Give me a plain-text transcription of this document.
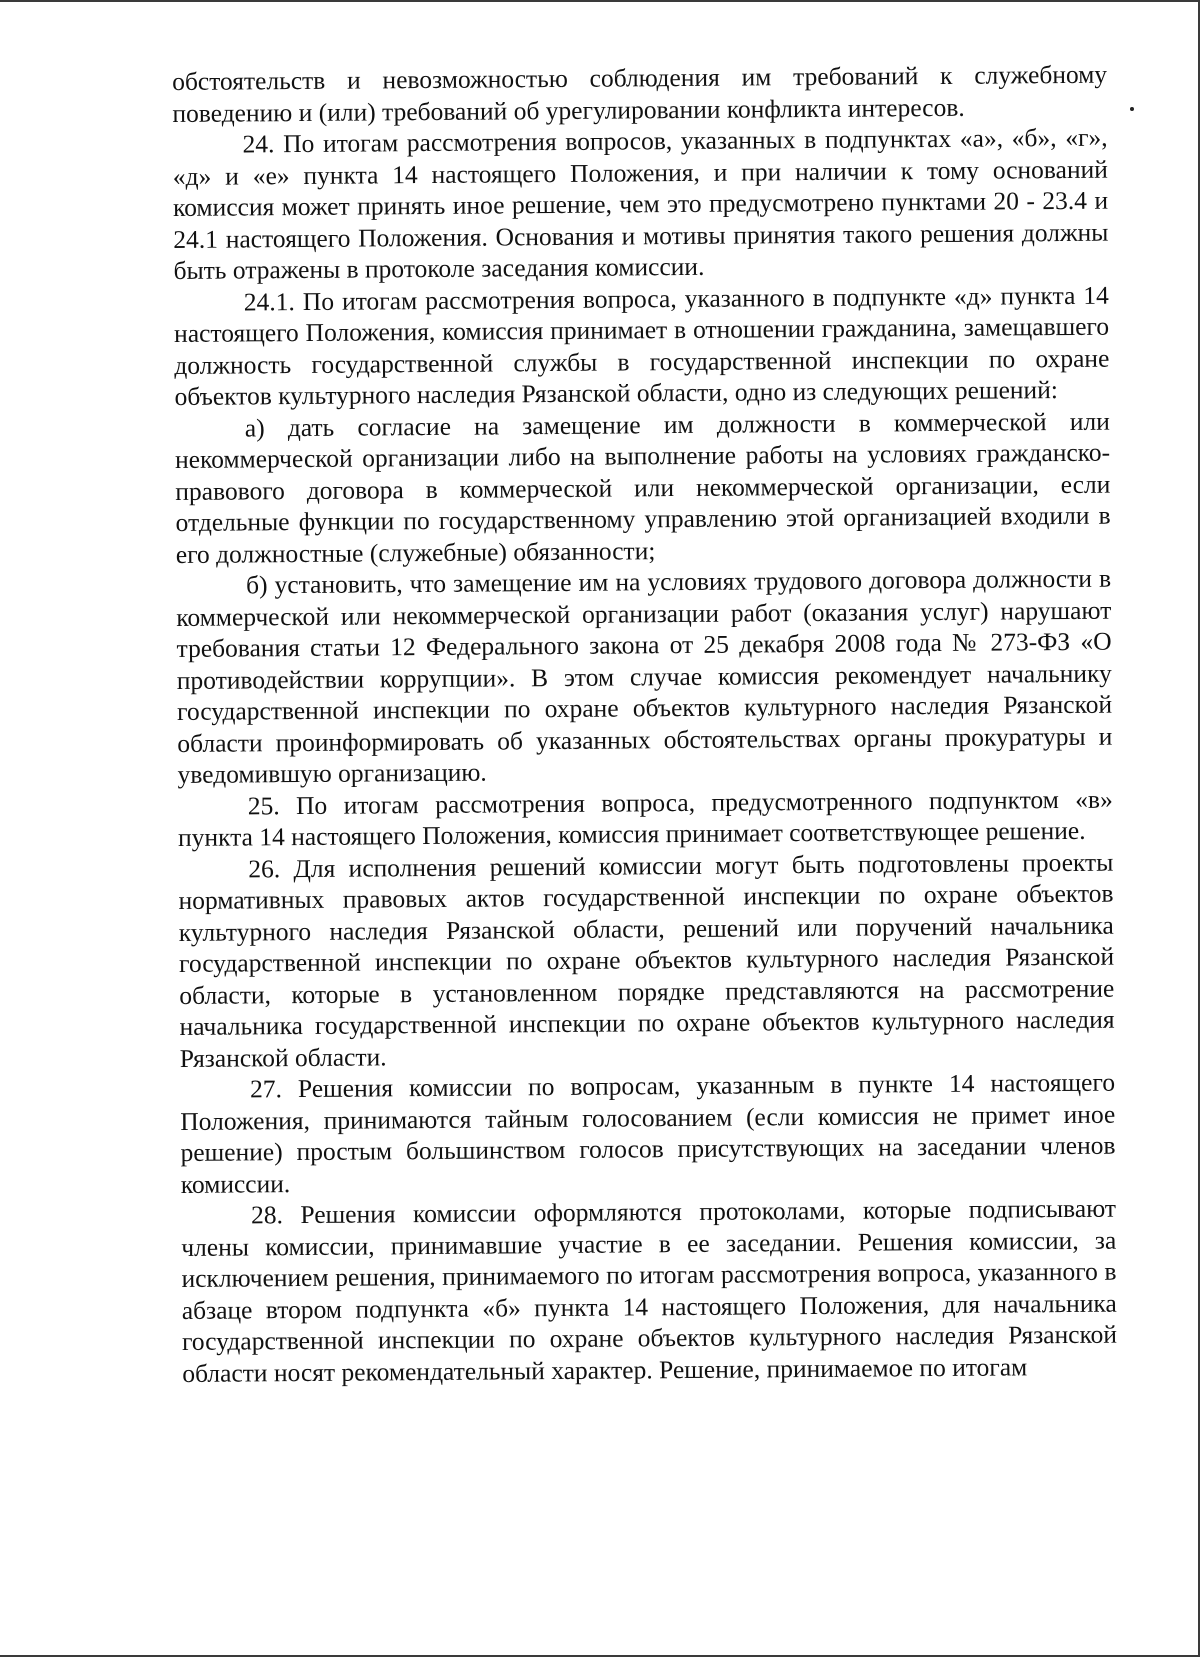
обстоятельств и невозможностью соблюдения им требований к служебному поведению и (или) требований об урегулировании конфликта интересов.

24. По итогам рассмотрения вопросов, указанных в подпунктах «а», «б», «г», «д» и «е» пункта 14 настоящего Положения, и при наличии к тому оснований комиссия может принять иное решение, чем это предусмотрено пунктами 20 - 23.4 и 24.1 настоящего Положения. Основания и мотивы принятия такого решения должны быть отражены в протоколе заседания комиссии.

24.1. По итогам рассмотрения вопроса, указанного в подпункте «д» пункта 14 настоящего Положения, комиссия принимает в отношении гражданина, замещавшего должность государственной службы в государственной инспекции по охране объектов культурного наследия Рязанской области, одно из следующих решений:

а) дать согласие на замещение им должности в коммерческой или некоммерческой организации либо на выполнение работы на условиях гражданско-правового договора в коммерческой или некоммерческой организации, если отдельные функции по государственному управлению этой организацией входили в его должностные (служебные) обязанности;

б) установить, что замещение им на условиях трудового договора должности в коммерческой или некоммерческой организации работ (оказания услуг) нарушают требования статьи 12 Федерального закона от 25 декабря 2008 года № 273-ФЗ «О противодействии коррупции». В этом случае комиссия рекомендует начальнику государственной инспекции по охране объектов культурного наследия Рязанской области проинформировать об указанных обстоятельствах органы прокуратуры и уведомившую организацию.

25. По итогам рассмотрения вопроса, предусмотренного подпунктом «в» пункта 14 настоящего Положения, комиссия принимает соответствующее решение.

26. Для исполнения решений комиссии могут быть подготовлены проекты нормативных правовых актов государственной инспекции по охране объектов культурного наследия Рязанской области, решений или поручений начальника государственной инспекции по охране объектов культурного наследия Рязанской области, которые в установленном порядке представляются на рассмотрение начальника государственной инспекции по охране объектов культурного наследия Рязанской области.

27. Решения комиссии по вопросам, указанным в пункте 14 настоящего Положения, принимаются тайным голосованием (если комиссия не примет иное решение) простым большинством голосов присутствующих на заседании членов комиссии.

28. Решения комиссии оформляются протоколами, которые подписывают члены комиссии, принимавшие участие в ее заседании. Решения комиссии, за исключением решения, принимаемого по итогам рассмотрения вопроса, указанного в абзаце втором подпункта «б» пункта 14 настоящего Положения, для начальника государственной инспекции по охране объектов культурного наследия Рязанской области носят рекомендательный характер. Решение, принимаемое по итогам
